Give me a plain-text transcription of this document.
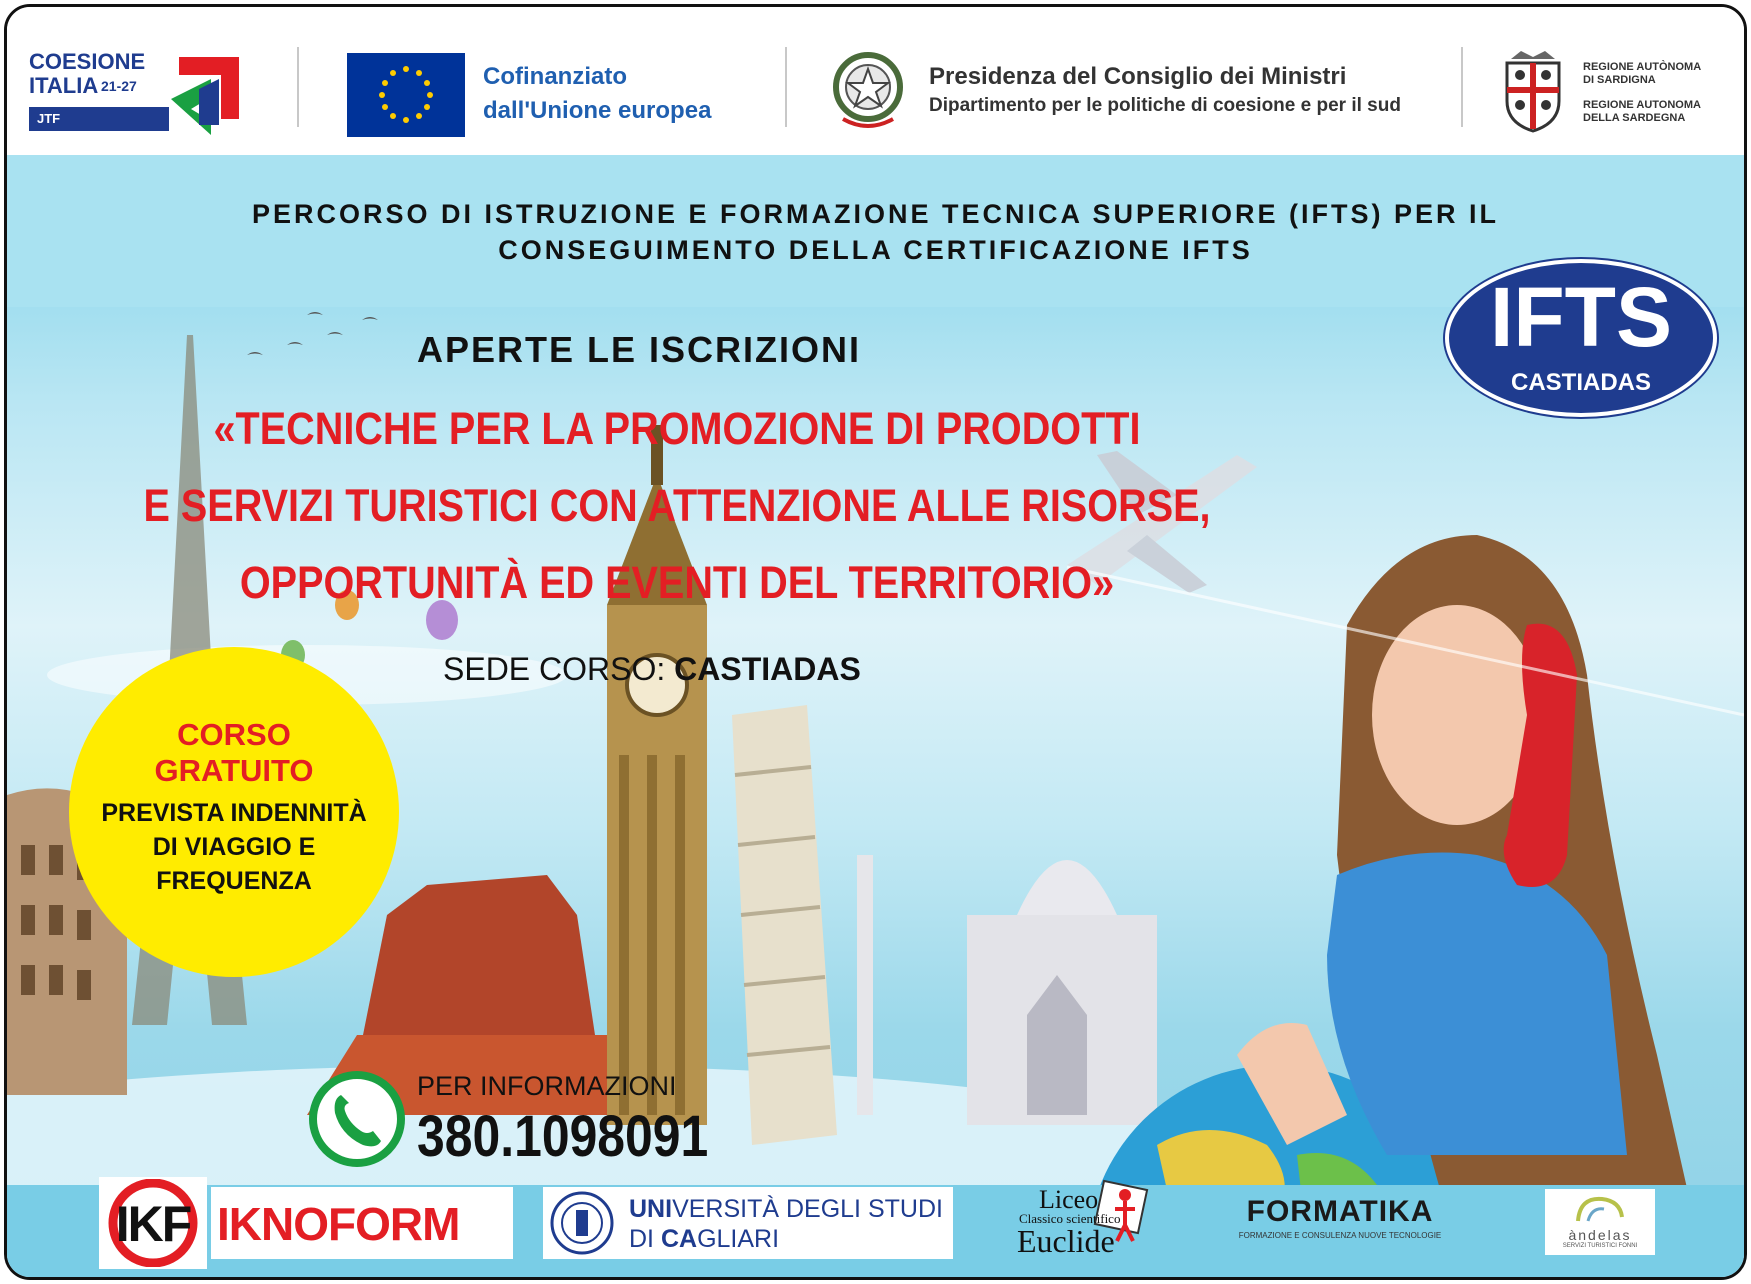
COESIONE
ITALIA 21-27
JTF
Cofinanziato
dall'Unione europea
Presidenza del Consiglio dei Ministri
Dipartimento per le politiche di coesione e per il sud
REGIONE AUTÒNOMA
DI SARDIGNA
REGIONE AUTONOMA
DELLA SARDEGNA
PERCORSO DI ISTRUZIONE E FORMAZIONE TECNICA SUPERIORE (IFTS) PER IL
CONSEGUIMENTO DELLA CERTIFICAZIONE IFTS
IFTS
CASTIADAS
APERTE LE ISCRIZIONI
«TECNICHE PER LA PROMOZIONE DI PRODOTTI
E SERVIZI TURISTICI CON ATTENZIONE ALLE RISORSE,
OPPORTUNITÀ ED EVENTI DEL TERRITORIO»
SEDE CORSO: CASTIADAS
CORSO
GRATUITO
PREVISTA INDENNITÀ
DI VIAGGIO E
FREQUENZA
PER INFORMAZIONI
380.1098091
IKF IKNOFORM	UNIVERSITÀ DEGLI STUDI
DI CAGLIARI
Liceo
Classico scientifico
Euclide
FORMATIKA
FORMAZIONE E CONSULENZA NUOVE TECNOLOGIE	àndelas
SERVIZI TURISTICI FONNI
